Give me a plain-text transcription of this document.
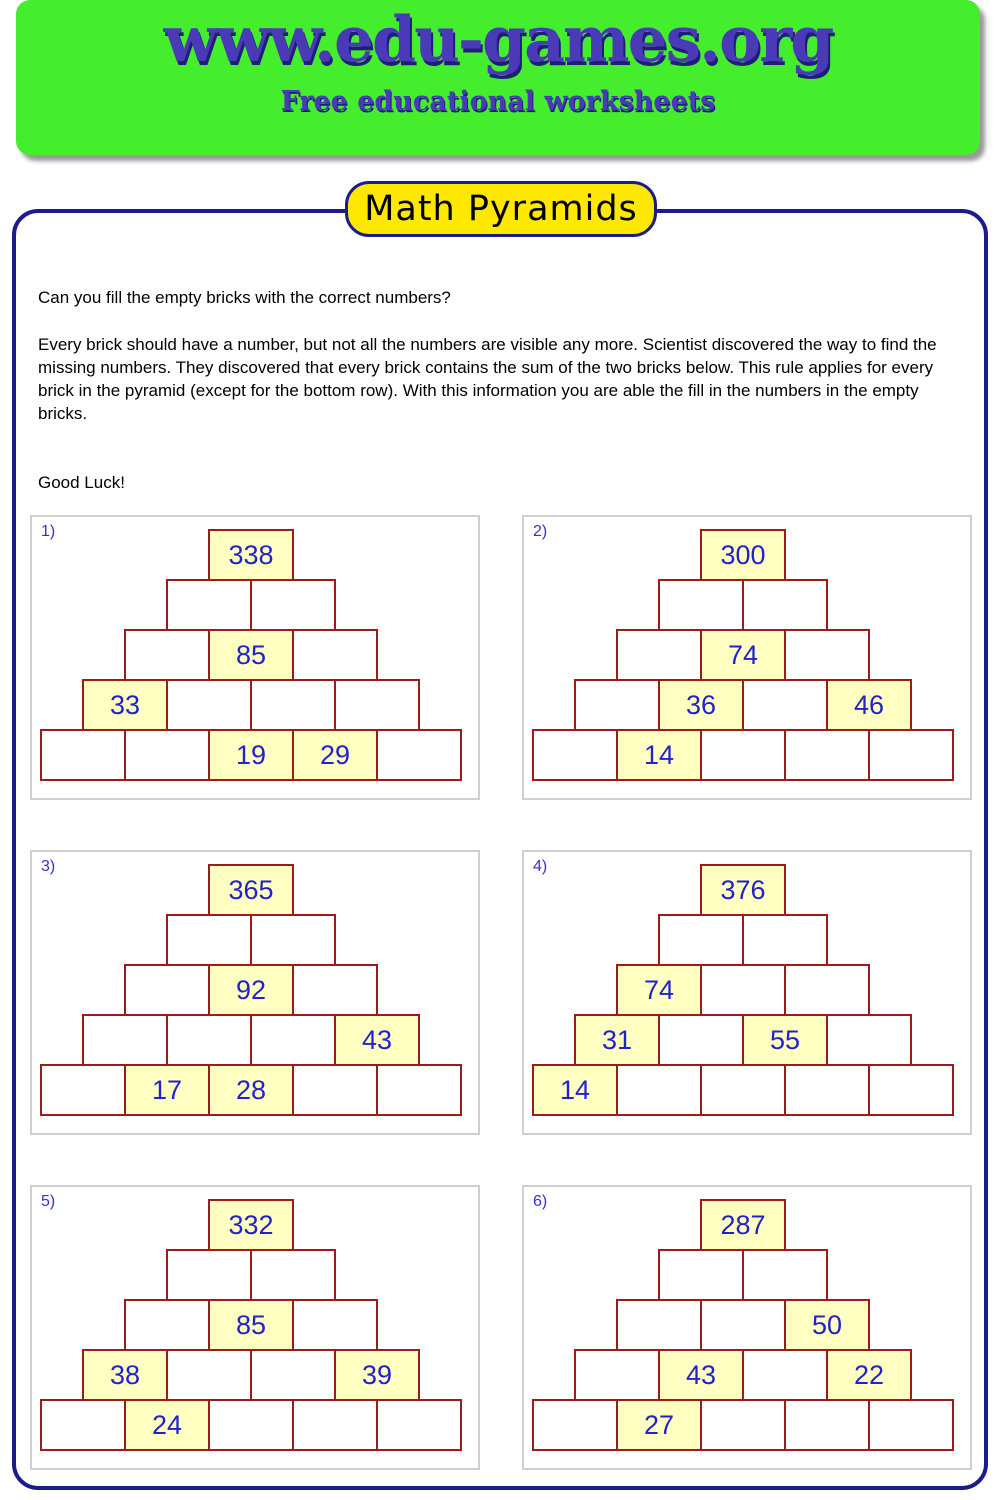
www.edu-games.org
Free educational worksheets
Math Pyramids

Can you fill the empty bricks with the correct numbers?

Every brick should have a number, but not all the numbers are visible any more. Scientist discovered the way to find the missing numbers. They discovered that every brick contains the sum of the two bricks below. This rule applies for every brick in the pyramid (except for the bottom row). With this information you are able the fill in the numbers in the empty bricks.

Good Luck!

1)
338
85
33
19	29
2)
300
74
36	46
14
3)
365
92
43
17	28
4)
376
74
31	55
14
5)
332
85
38	39
24
6)
287
50
43	22
27
